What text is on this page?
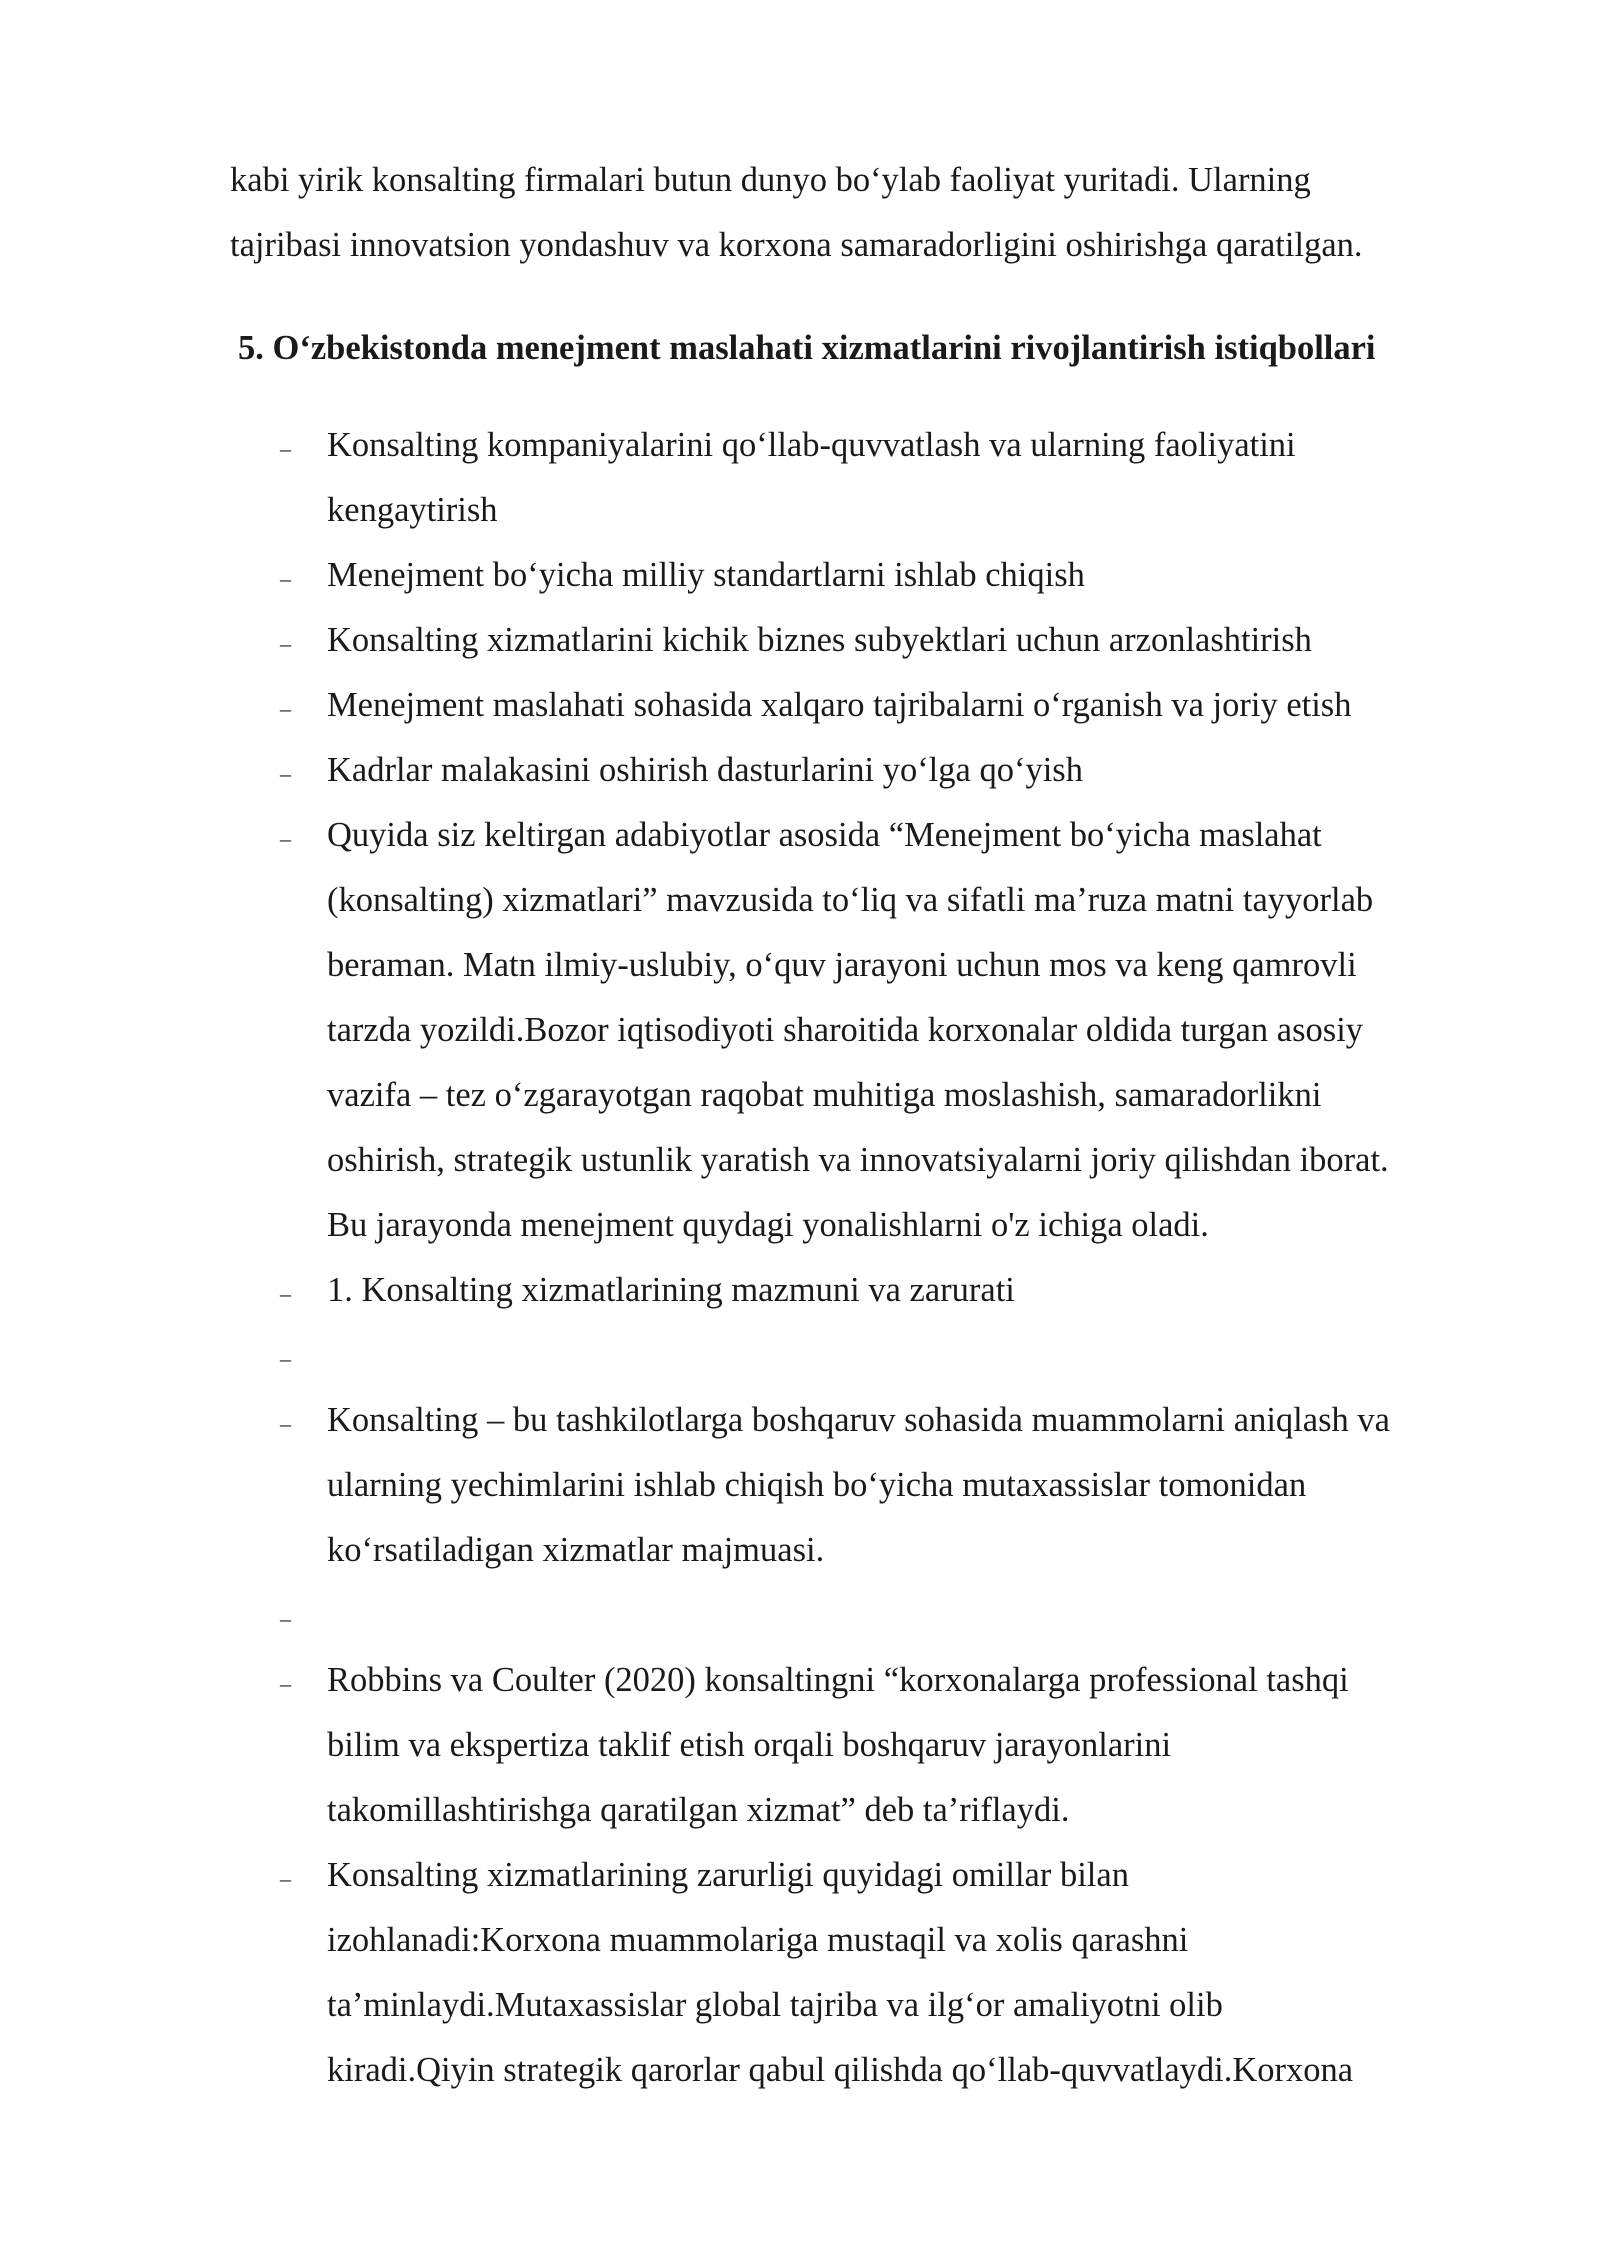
kabi yirik konsalting firmalari butun dunyo bo‘ylab faoliyat yuritadi. Ularning
tajribasi innovatsion yondashuv va korxona samaradorligini oshirishga qaratilgan.

5. O‘zbekistonda menejment maslahati xizmatlarini rivojlantirish istiqbollari
– Konsalting kompaniyalarini qo‘llab-quvvatlash va ularning faoliyatini
kengaytirish
– Menejment bo‘yicha milliy standartlarni ishlab chiqish
– Konsalting xizmatlarini kichik biznes subyektlari uchun arzonlashtirish
– Menejment maslahati sohasida xalqaro tajribalarni o‘rganish va joriy etish
– Kadrlar malakasini oshirish dasturlarini yo‘lga qo‘yish
– Quyida siz keltirgan adabiyotlar asosida “Menejment bo‘yicha maslahat
(konsalting) xizmatlari” mavzusida to‘liq va sifatli ma’ruza matni tayyorlab
beraman. Matn ilmiy-uslubiy, o‘quv jarayoni uchun mos va keng qamrovli
tarzda yozildi.Bozor iqtisodiyoti sharoitida korxonalar oldida turgan asosiy
vazifa – tez o‘zgarayotgan raqobat muhitiga moslashish, samaradorlikni
oshirish, strategik ustunlik yaratish va innovatsiyalarni joriy qilishdan iborat.
Bu jarayonda menejment quydagi yonalishlarni o'z ichiga oladi.
– 1. Konsalting xizmatlarining mazmuni va zarurati
–
– Konsalting – bu tashkilotlarga boshqaruv sohasida muammolarni aniqlash va
ularning yechimlarini ishlab chiqish bo‘yicha mutaxassislar tomonidan
ko‘rsatiladigan xizmatlar majmuasi.
–
– Robbins va Coulter (2020) konsaltingni “korxonalarga professional tashqi
bilim va ekspertiza taklif etish orqali boshqaruv jarayonlarini
takomillashtirishga qaratilgan xizmat” deb ta’riflaydi.
– Konsalting xizmatlarining zarurligi quyidagi omillar bilan
izohlanadi:Korxona muammolariga mustaqil va xolis qarashni
ta’minlaydi.Mutaxassislar global tajriba va ilg‘or amaliyotni olib
kiradi.Qiyin strategik qarorlar qabul qilishda qo‘llab-quvvatlaydi.Korxona
